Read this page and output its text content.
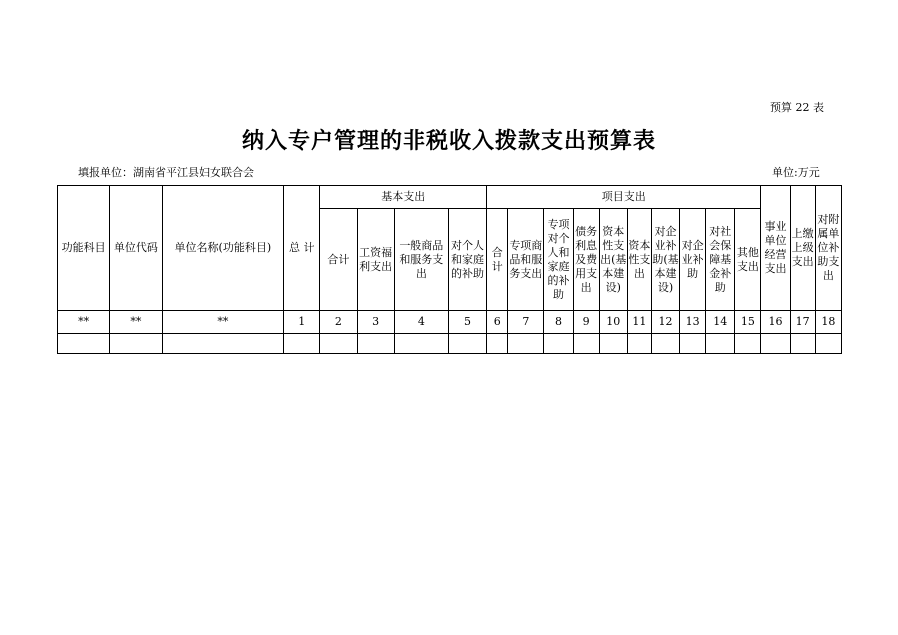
预算 22 表
纳入专户管理的非税收入拨款支出预算表
填报单位：湖南省平江县妇女联合会	单位:万元
功能科目	单位代码	单位名称(功能科目)	总 计	基本支出				项目支出										事业单位经营支出	上缴上级支出	对附属单位补助支出
				合计	工资福利支出	一般商品和服务支出	对个人和家庭的补助	合计	专项商品和服务支出	专项对个人和家庭的补助	债务利息及费用支出	资本性支出(基本建设)	资本性支出	对企业补助(基本建设)	对企业补助	对社会保障基金补助	其他支出			
**	**	**	1	2	3	4	5	6	7	8	9	10	11	12	13	14	15	16	17	18
